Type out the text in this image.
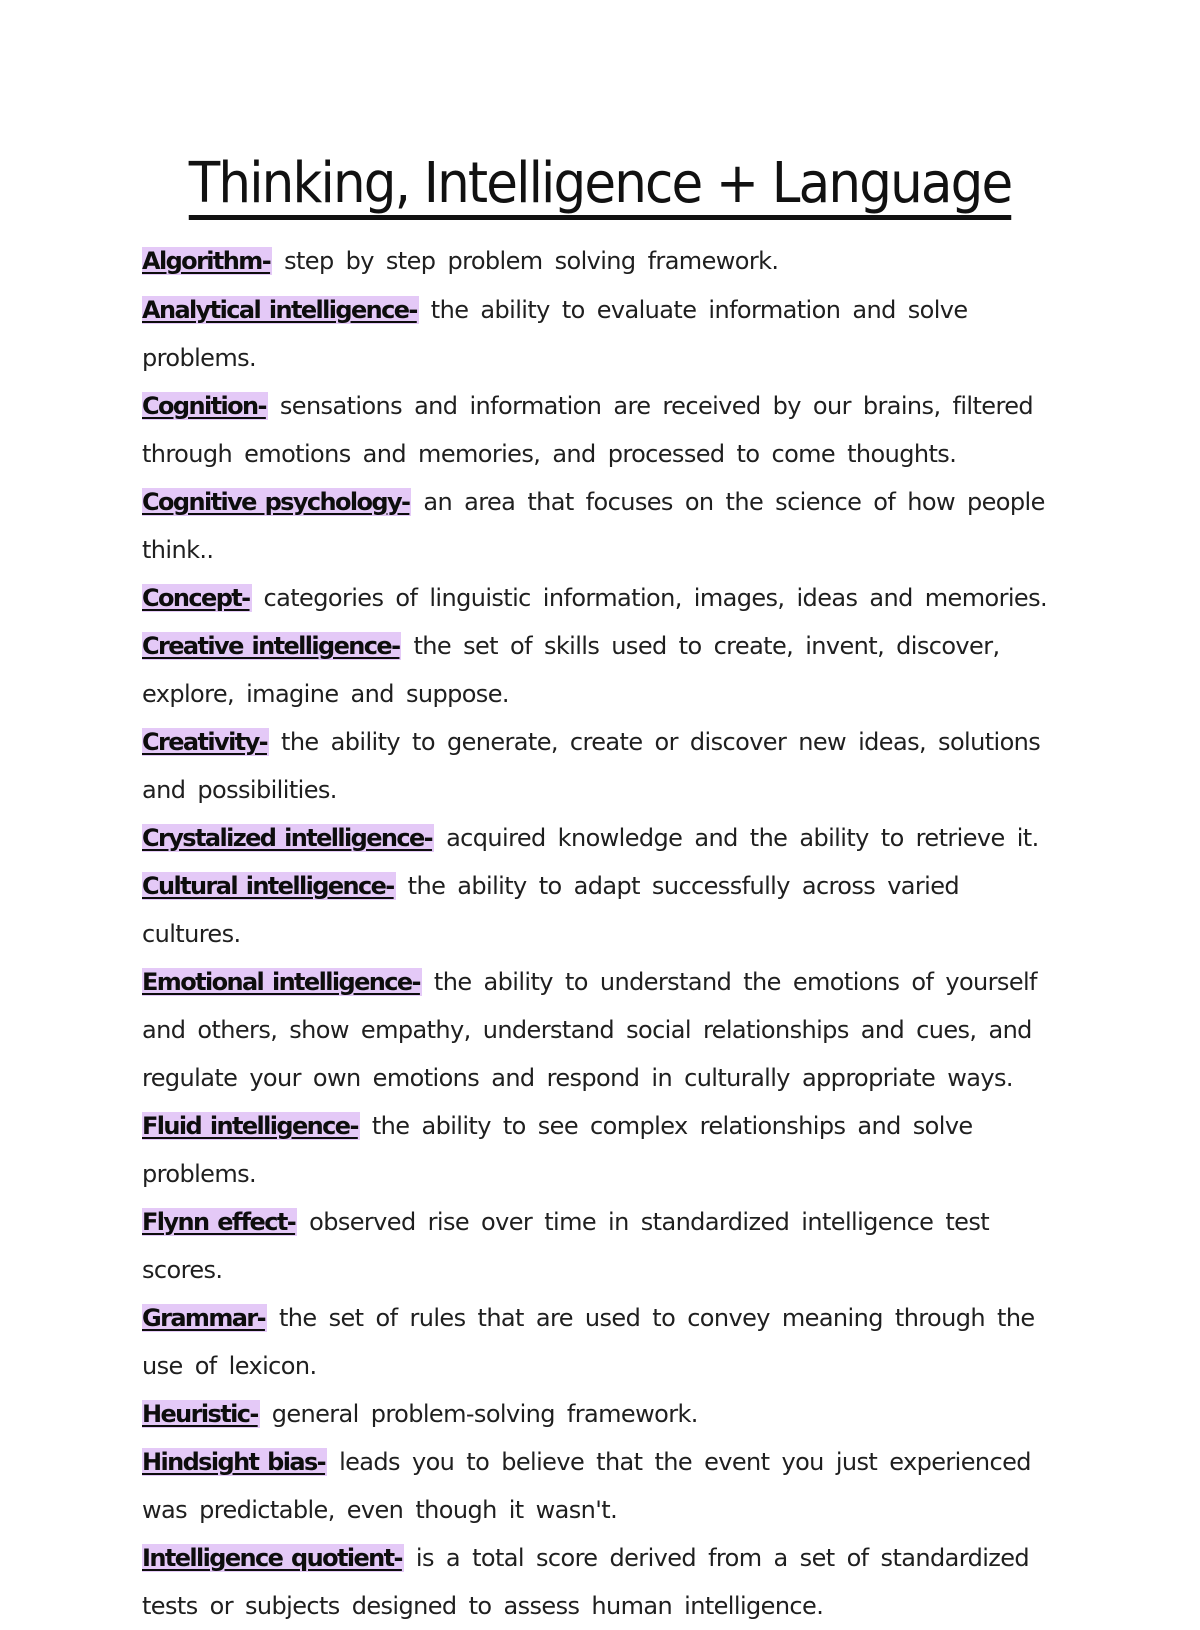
Thinking, Intelligence + Language
Algorithm- step by step problem solving framework.
Analytical intelligence- the ability to evaluate information and solve problems.
Cognition- sensations and information are received by our brains, filtered through emotions and memories, and processed to come thoughts.
Cognitive psychology- an area that focuses on the science of how people think..
Concept- categories of linguistic information, images, ideas and memories.
Creative intelligence- the set of skills used to create, invent, discover, explore, imagine and suppose.
Creativity- the ability to generate, create or discover new ideas, solutions and possibilities.
Crystalized intelligence- acquired knowledge and the ability to retrieve it.
Cultural intelligence- the ability to adapt successfully across varied cultures.
Emotional intelligence- the ability to understand the emotions of yourself and others, show empathy, understand social relationships and cues, and regulate your own emotions and respond in culturally appropriate ways.
Fluid intelligence- the ability to see complex relationships and solve problems.
Flynn effect- observed rise over time in standardized intelligence test scores.
Grammar- the set of rules that are used to convey meaning through the use of lexicon.
Heuristic- general problem-solving framework.
Hindsight bias- leads you to believe that the event you just experienced was predictable, even though it wasn't.
Intelligence quotient- is a total score derived from a set of standardized tests or subjects designed to assess human intelligence.
